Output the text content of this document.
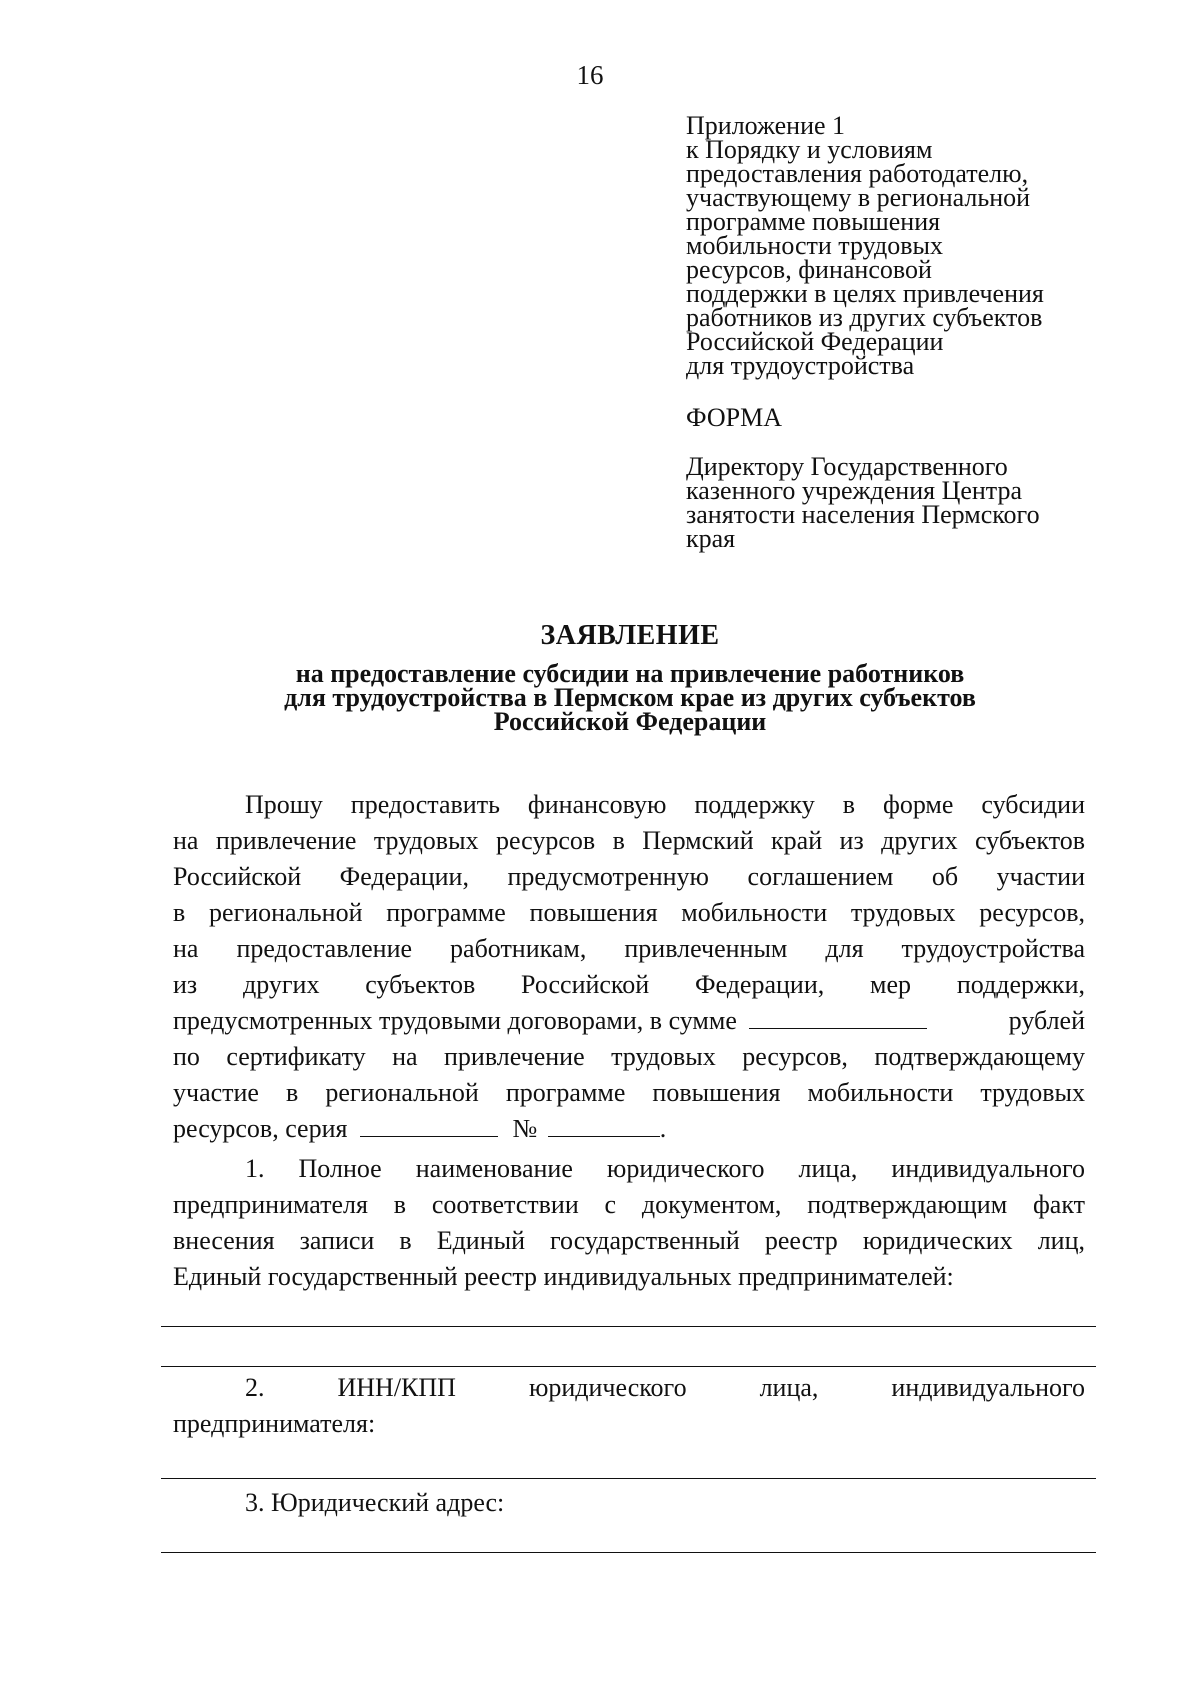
16
Приложение 1
к Порядку и условиям
предоставления работодателю,
участвующему в региональной
программе повышения
мобильности трудовых
ресурсов, финансовой
поддержки в целях привлечения
работников из других субъектов
Российской Федерации
для трудоустройства
ФОРМА
Директору Государственного
казенного учреждения Центра
занятости населения Пермского
края
ЗАЯВЛЕНИЕ
на предоставление субсидии на привлечение работников
для трудоустройства в Пермском крае из других субъектов
Российской Федерации
Прошу предоставить финансовую поддержку в форме субсидии
на привлечение трудовых ресурсов в Пермский край из других субъектов
Российской Федерации, предусмотренную соглашением об участии
в региональной программе повышения мобильности трудовых ресурсов,
на предоставление работникам, привлеченным для трудоустройства
из других субъектов Российской Федерации, мер поддержки,
предусмотренных трудовыми договорами, в сумме	рублей
по сертификату на привлечение трудовых ресурсов, подтверждающему
участие в региональной программе повышения мобильности трудовых
ресурсов, серия	№	.
1. Полное наименование юридического лица, индивидуального
предпринимателя в соответствии с документом, подтверждающим факт
внесения записи в Единый государственный реестр юридических лиц,
Единый государственный реестр индивидуальных предпринимателей:
2. ИНН/КПП юридического лица, индивидуального
предпринимателя:
3. Юридический адрес:
